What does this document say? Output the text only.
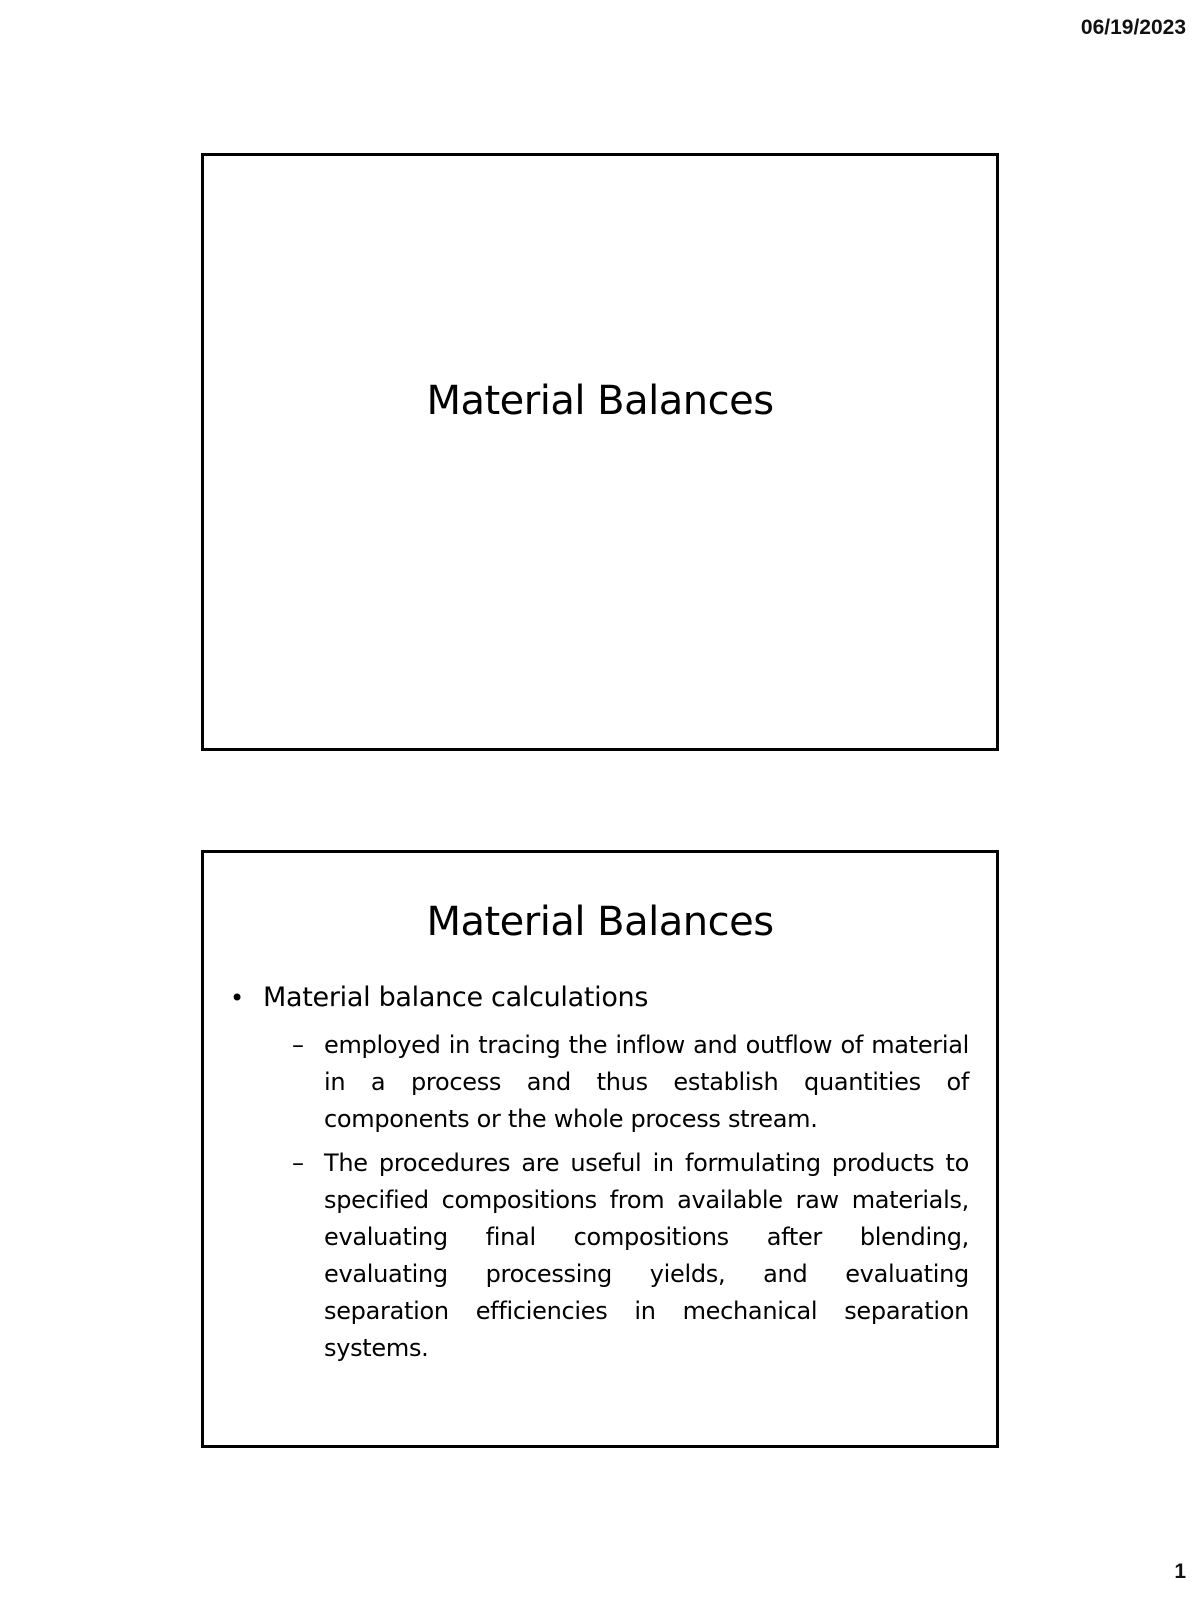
06/19/2023
Material Balances
Material Balances
• Material balance calculations
– employed in tracing the inflow and outflow of material in a process and thus establish quantities of components or the whole process stream.
– The procedures are useful in formulating products to specified compositions from available raw materials, evaluating final compositions after blending, evaluating processing yields, and evaluating separation efficiencies in mechanical separation systems.
1
